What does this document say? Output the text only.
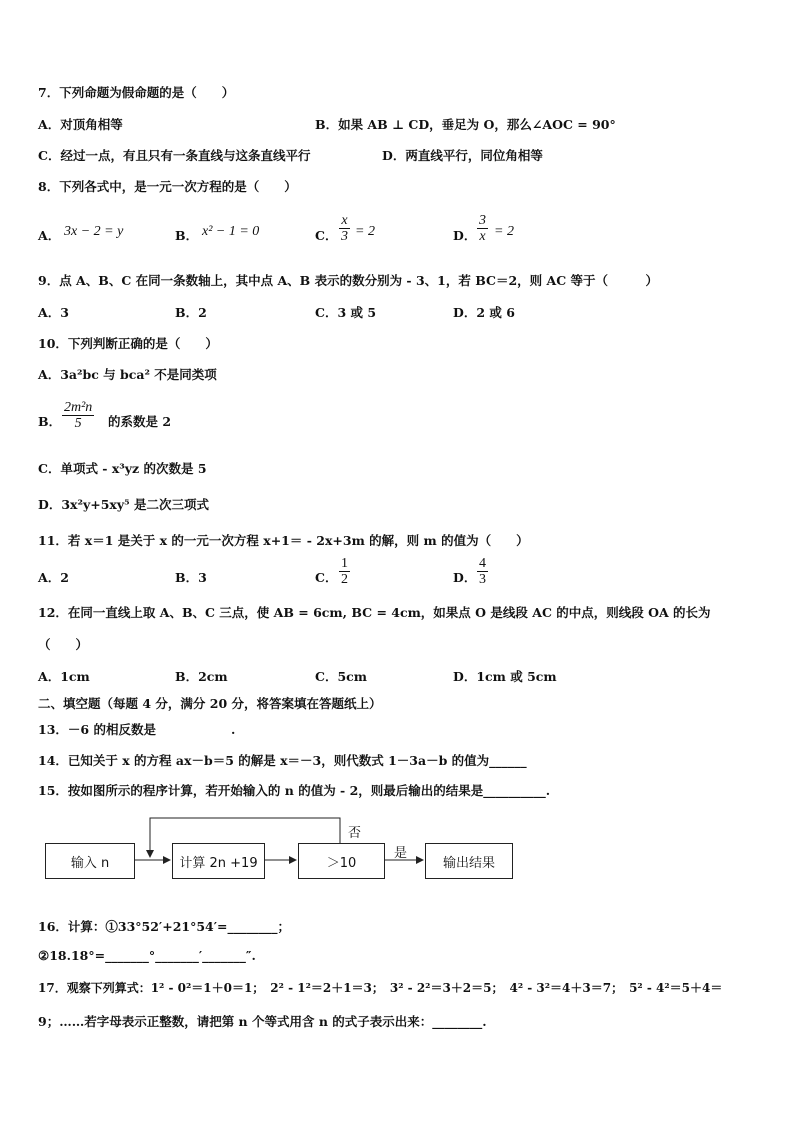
7．下列命题为假命题的是（　　）
A．对顶角相等	B．如果 AB ⊥ CD，垂足为 O，那么∠AOC = 90°
C．经过一点，有且只有一条直线与这条直线平行	D．两直线平行，同位角相等
8．下列各式中，是一元一次方程的是（　　）
A． 3x − 2 = y	B． x² − 1 = 0	C．
x
3 = 2	D．
3
x = 2
9．点 A、B、C 在同一条数轴上，其中点 A、B 表示的数分别为 - 3、1，若 BC＝2，则 AC 等于（　　　）
A．3	B．2	C．3 或 5	D．2 或 6
10．下列判断正确的是（　　）
A．3a²bc 与 bca² 不是同类项
B．
2m²n
5 的系数是 2
C．单项式 - x³yz 的次数是 5
D．3x²y+5xy⁵ 是二次三项式
11．若 x＝1 是关于 x 的一元一次方程 x+1＝ - 2x+3m 的解，则 m 的值为（　　）
A．2	B．3	C．
1
2	D．
4
3
12．在同一直线上取 A、B、C 三点，使 AB = 6cm, BC = 4cm，如果点 O 是线段 AC 的中点，则线段 OA 的长为
（　　）
A．1cm	B．2cm	C．5cm	D．1cm 或 5cm
二、填空题（每题 4 分，满分 20 分，将答案填在答题纸上）
13．－6 的相反数是　　　　　　.
14．已知关于 x 的方程 ax－b＝5 的解是 x＝－3，则代数式 1－3a－b 的值为______
15．按如图所示的程序计算，若开始输入的 n 的值为 - 2，则最后输出的结果是__________.
输入 n	计算 2n +19	＞10	输出结果
否
是
16．计算：①33°52′+21°54′=________；
②18.18°=_______°_______′_______″.
17．观察下列算式：1² - 0²＝1＋0＝1；　2² - 1²＝2＋1＝3；　3² - 2²＝3＋2＝5；　4² - 3²＝4＋3＝7；　5² - 4²＝5＋4＝
9；……若字母表示正整数，请把第 n 个等式用含 n 的式子表示出来：________.
